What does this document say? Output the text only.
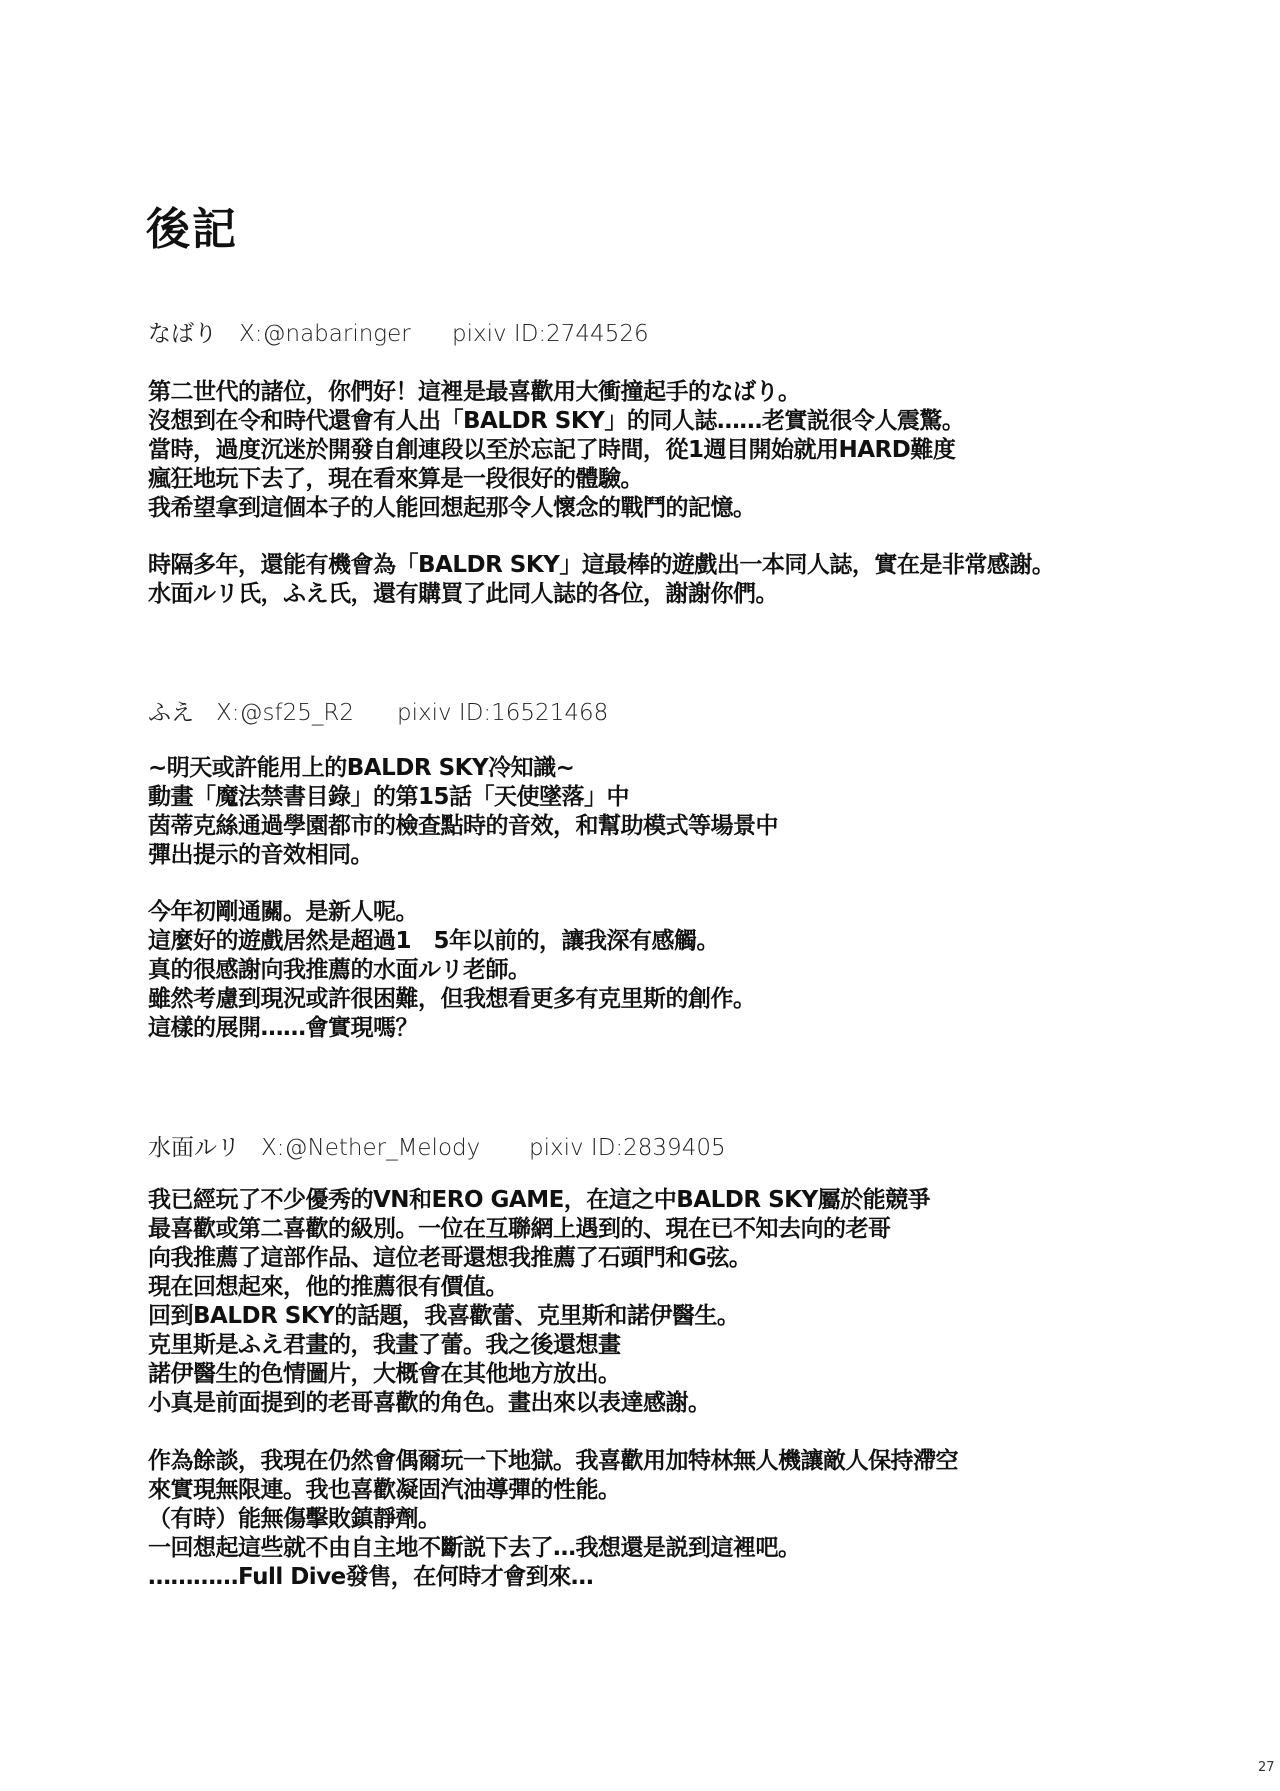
後記
なばり X:@nabaringer pixiv ID:2744526
第二世代的諸位，你們好！這裡是最喜歡用大衝撞起手的なばり。
沒想到在令和時代還會有人出「BALDR SKY」的同人誌……老實説很令人震驚。
當時，過度沉迷於開發自創連段以至於忘記了時間，從1週目開始就用HARD難度
瘋狂地玩下去了，現在看來算是一段很好的體驗。
我希望拿到這個本子的人能回想起那令人懷念的戰鬥的記憶。
時隔多年，還能有機會為「BALDR SKY」這最棒的遊戲出一本同人誌，實在是非常感謝。
水面ルリ氏，ふえ氏，還有購買了此同人誌的各位，謝謝你們。
ふえ X:@sf25_R2 pixiv ID:16521468
~明天或許能用上的BALDR SKY冷知識~
動畫「魔法禁書目錄」的第15話「天使墜落」中
茵蒂克絲通過學園都市的檢查點時的音效，和幫助模式等場景中
彈出提示的音效相同。
今年初剛通關。是新人呢。
這麼好的遊戲居然是超過1　5年以前的，讓我深有感觸。
真的很感謝向我推薦的水面ルリ老師。
雖然考慮到現況或許很困難，但我想看更多有克里斯的創作。
這樣的展開……會實現嗎？
水面ルリ X:@Nether_Melody pixiv ID:2839405
我已經玩了不少優秀的VN和ERO GAME，在這之中BALDR SKY屬於能競爭
最喜歡或第二喜歡的級別。一位在互聯網上遇到的、現在已不知去向的老哥
向我推薦了這部作品、這位老哥還想我推薦了石頭門和G弦。
現在回想起來，他的推薦很有價值。
回到BALDR SKY的話題，我喜歡蕾、克里斯和諾伊醫生。
克里斯是ふえ君畫的，我畫了蕾。我之後還想畫
諾伊醫生的色情圖片，大概會在其他地方放出。
小真是前面提到的老哥喜歡的角色。畫出來以表達感謝。
作為餘談，我現在仍然會偶爾玩一下地獄。我喜歡用加特林無人機讓敵人保持滯空
來實現無限連。我也喜歡凝固汽油導彈的性能。
（有時）能無傷擊敗鎮靜劑。
一回想起這些就不由自主地不斷説下去了…我想還是説到這裡吧。
…………Full Dive發售，在何時才會到來…
27
